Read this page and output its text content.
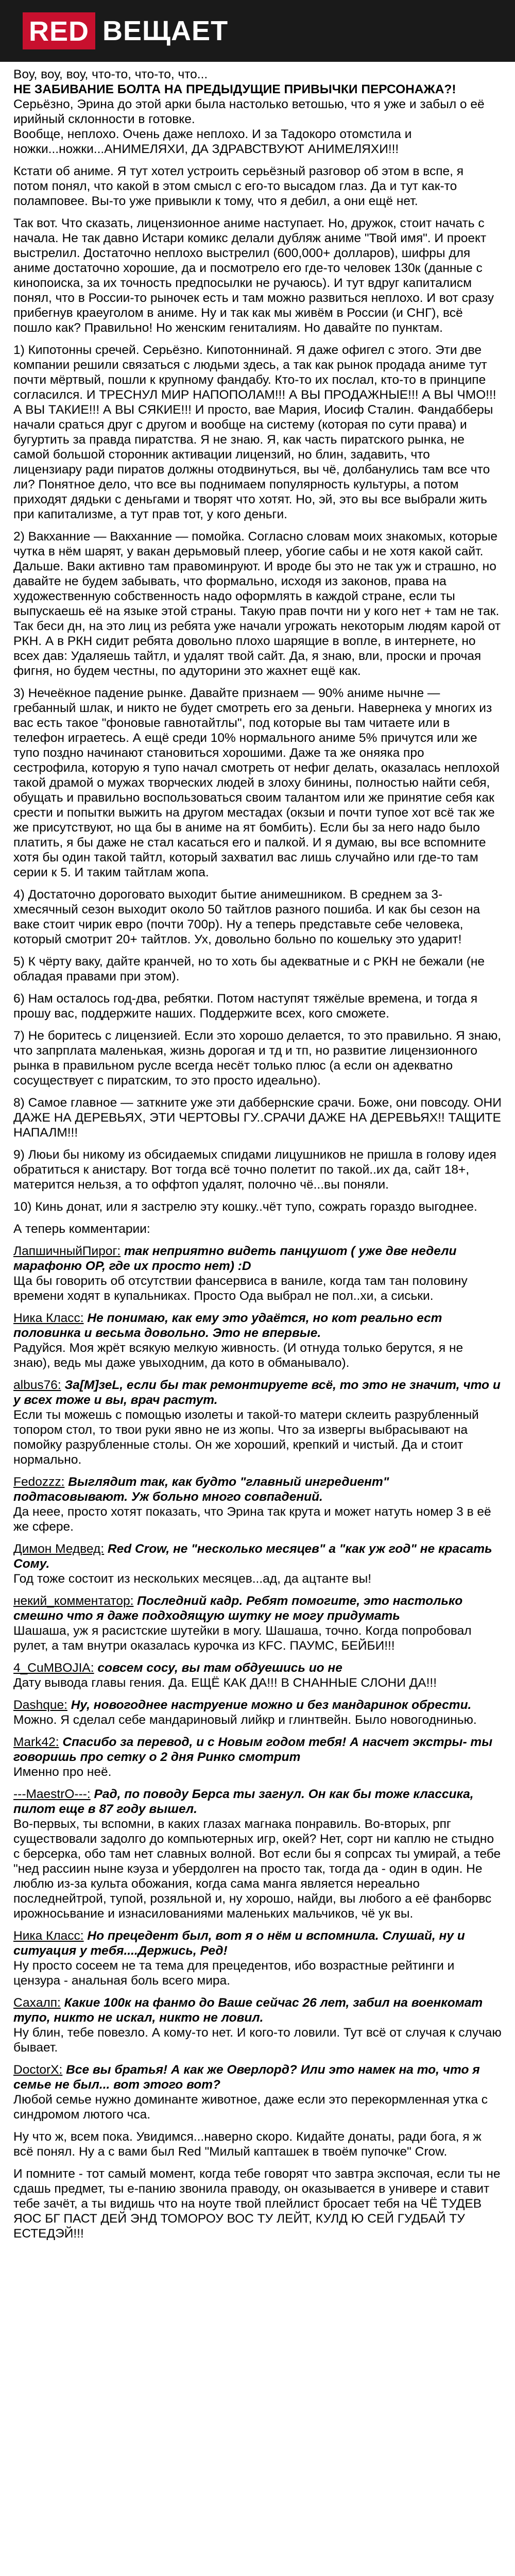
RED ВЕЩАЕТ

Воу, воу, воу, что-то, что-то, что...
НЕ ЗАБИВАНИЕ БОЛТА НА ПРЕДЫДУЩИЕ ПРИВЫЧКИ ПЕРСОНАЖА?! Серьёзно, Эрина до этой арки была настолько ветошью, что я уже и забыл о её ирийный склонности в готовке.
Вообще, неплохо. Очень даже неплохо. И за Тадокоро отомстила и ножки...ножки...АНИМЕЛЯХИ, ДА ЗДРАВСТВУЮТ АНИМЕЛЯХИ!!!

Кстати об аниме. Я тут хотел устроить серьёзный разговор об этом в вспе, я потом понял, что какой в этом смысл с его-то высадом глаз. Да и тут как-то поламповее. Вы-то уже привыкли к тому, что я дебил, а они ещё нет.

Так вот. Что сказать, лицензионное аниме наступает. Но, дружок, стоит начать с начала. Не так давно Истари комикс делали дубляж аниме "Твой имя". И проект выстрелил. Достаточно неплохо выстрелил (600,000+ долларов), шифры для аниме достаточно хорошие, да и посмотрело его где-то человек 130к (данные с кинопоиска, за их точность предпосылки не ручаюсь). И тут вдруг капиталисм понял, что в России-то рыночек есть и там можно развиться неплохо. И вот сразу прибегнув краеуголом в аниме. Ну и так как мы живём в России (и СНГ), всё пошло как? Правильно! Но женским гениталиям. Но давайте по пунктам.

1) Кипотонны сречей. Серьёзно. Кипотоннинай. Я даже офигел с этого. Эти две компании решили связаться с людьми здесь, а так как рынок продада аниме тут почти мёртвый, пошли к крупному фандабу. Кто-то их послал, кто-то в принципе согласился. И ТРЕСНУЛ МИР НАПОПОЛАМ!!! А ВЫ ПРОДАЖНЫЕ!!! А ВЫ ЧМО!!! А ВЫ ТАКИЕ!!! А ВЫ СЯКИЕ!!! И просто, вае Мария, Иосиф Сталин. Фандабберы начали сраться друг с другом и вообще на систему (которая по сути права) и бугуртить за правда пиратства. Я не знаю. Я, как часть пиратского рынка, не самой большой сторонник активации лицензий, но блин, задавить, что лицензиару ради пиратов должны отодвинуться, вы чё, долбанулись там все что ли? Понятное дело, что все вы поднимаем популярность культуры, а потом приходят дядьки с деньгами и творят что хотят. Но, эй, это вы все выбрали жить при капитализме, а тут прав тот, у кого деньги.

2) Вакханние — Вакханние — помойка. Согласно словам моих знакомых, которые чутка в нём шарят, у вакан дерьмовый плеер, убогие сабы и не хотя какой сайт. Дальше. Ваки активно там правоминруют. И вроде бы это не так уж и страшно, но давайте не будем забывать, что формально, исходя из законов, права на художественную собственность надо оформлять в каждой стране, если ты выпускаешь её на языке этой страны. Такую прав почти ни у кого нет + там не так. Так беси дн, на это лиц из ребята уже начали угрожать некоторым людям карой от РКН. А в РКН сидит ребята довольно плохо шарящие в вопле, в интернете, но всех дав: Удаляешь тайтл, и удалят твой сайт. Да, я знаю, вли, проски и прочая фигня, но будем честны, по адуторини это жахнет ещё как.

3) Нечеёкное падение рынке. Давайте признаем — 90% аниме нычне — гребанный шлак, и никто не будет смотреть его за деньги. Навернека у многих из вас есть такое "фоновые гавнотайтлы", под которые вы там читаете или в телефон играетесь. А ещё среди 10% нормального аниме 5% причутся или же тупо поздно начинают становиться хорошими. Даже та же оняяка про сестрофила, которую я тупо начал смотреть от нефиг делать, оказалась неплохой такой драмой о мужах творческих людей в злоху бинины, полностью найти себя, обущать и правильно воспользоваться своим талантом или же принятие себя как срести и попытки выжить на другом местадах (окзыи и почти тупое хот всё так же же присутствуют, но ща бы в аниме на ят бомбить). Если бы за него надо было платить, я бы даже не стал касаться его и палкой. И я думаю, вы все вспомните хотя бы один такой тайтл, который захватил вас лишь случайно или где-то там серии к 5. И таким тайтлам жопа.

4) Достаточно дороговато выходит бытие анимешником. В среднем за 3-хмесячный сезон выходит около 50 тайтлов разного пошиба. И как бы сезон на ваке стоит чирик евро (почти 700р). Ну а теперь представьте себе человека, который смотрит 20+ тайтлов. Ух, довольно больно по кошельку это ударит!

5) К чёрту ваку, дайте кранчей, но то хоть бы адекватные и с РКН не бежали (не обладая правами при этом).

6) Нам осталось год-два, ребятки. Потом наступят тяжёлые времена, и тогда я прошу вас, поддержите наших. Поддержите всех, кого сможете.

7) Не боритесь с лицензией. Если это хорошо делается, то это правильно. Я знаю, что запрплата маленькая, жизнь дорогая и тд и тп, но развитие лицензионного рынка в правильном русле всегда несёт только плюс (а если он адекватно сосуществует с пиратским, то это просто идеально).

8) Самое главное — заткните уже эти даббернские срачи. Боже, они повсоду. ОНИ ДАЖЕ НА ДЕРЕВЬЯХ, ЭТИ ЧЕРТОВЫ ГУ..СРАЧИ ДАЖЕ НА ДЕРЕВЬЯХ!! ТАЩИТЕ НАПАЛМ!!!

9) Люьи бы никому из обсидаемых спидами лицушников не пришла в голову идея обратиться к анистару. Вот тогда всё точно полетит по такой..их да, сайт 18+, матерится нельзя, а то оффтоп удалят, полочно чё...вы поняли.

10) Кинь донат, или я застрелю эту кошку..чёт тупо, сожрать гораздо выгоднее.

А теперь комментарии:

ЛапшичныйПирог: так неприятно видеть панцушот ( уже две недели марафоню ОР, где их просто нет) :D
Ща бы говорить об отсутствии фансервиса в ваниле, когда там тан половину времени ходят в купальниках. Просто Ода выбрал не пол..хи, а сиськи.

Ника Класс: Не понимаю, как ему это удаётся, но кот реально ест половинка и весьма довольно. Это не впервые.
Радуйся. Моя жрёт всякую мелкую живность. (И отнуда только берутся, я не знаю), ведь мы даже увыходним, да кото в обманывало).

albus76: За[M]зеL, если бы так ремонтируете всё, то это не значит, что и у всех тоже и вы, врач растут.
Если ты можешь с помощью изолеты и такой-то матери склеить разрубленный топором стол, то твои руки явно не из жопы. Что за извергы выбрасывают на помойку разрубленные столы. Он же хороший, крепкий и чистый. Да и стоит нормально.

Fedozzz: Выглядит так, как будто "главный ингредиент" подтасовывают. Уж больно много совпадений.
Да нееe, просто хотят показать, что Эрина так крута и может натуть номер 3 в её же сфере.

Димон Медвед: Red Crow, не "несколько месяцев" а "как уж год" не красать Сому.
Год тоже состоит из нескольких месяцев...ад, да ацтанте вы!

некий_комментатор: Последний кадр. Ребят помогите, это настолько смешно что я даже подходящую шутку не могу придумать
Шашаша, уж я расистские шутейки в могу. Шашаша, точно. Когда попробовал рулет, а там внутри оказалась курочка из КFC. ПАУМС, БЕЙБИ!!!

4_CuMBOJIA: совсем сосу, вы там обдуешись ио не
Дату вывода главы гения. Да. ЕЩЁ КАК ДА!!! В СНАННЫЕ СЛОНИ ДА!!!

Dashque: Ну, новогоднее наструение можно и без мандаринок обрести.
Можно. Я сделал себе мандариновый лийкр и глинтвейн. Было новогоднинью.

Mark42: Спасибо за перевод, и с Новым годом тебя! А насчет экстры- ты говоришь про сетку о 2 дня Ринко смотрит
Именно про неё.

---MaestrO---: Рад, по поводу Берса ты загнул. Он как бы тоже классика, пилот еще в 87 году вышел.
Во-первых, ты вспомни, в каких глазах магнака понравиль. Во-вторых, рпг существовали задолго до компьютерных игр, окей? Нет, сорт ни каплю не стыдно с берсерка, обо там нет славных волной. Вот если бы я сопрсах ты умирай, а тебе "нед рассиин ныне кэуза и убердолген на просто так, тогда да - один в один. Не люблю из-за культа обожания, когда сама манга является нереально последнейтрой, тупой, розяльной и, ну хорошо, найди, вы любого а её фанборвс ирожносьвание и изнасилованиями маленьких мальчиков, чё ук вы.

Ника Класс: Но прецедент был, вот я о нём и вспомнила. Слушай, ну и ситуация у тебя....Держись, Ред!
Ну просто сосеем не та тема для прецедентов, ибо возрастные рейтинги и цензура - анальная боль всего мира.

Саxaлп: Какие 100к на фанмо до Ваше сейчас 26 лет, забил на военкомат тупо, никто не искал, никто не ловил.
Ну блин, тебе повезло. А кому-то нет. И кого-то ловили. Тут всё от случая к случаю бывает.

DoctorX: Все вы братья! А как же Оверлорд? Или это намек на то, что я семье не был... вот этого вот?
Любой семье нужно доминанте животное, даже если это перекормленная утка с синдромом лютого чса.

Ну что ж, всем пока. Увидимся...наверно скоро. Кидайте донаты, ради бога, я ж всё понял. Ну а с вами был Red "Милый капташек в твоём пупочке" Crow.

И помните - тот самый момент, когда тебе говорят что завтра экспочая, если ты не сдашь предмет, ты е-панию звонила праводу, он оказывается в универе и ставит тебе зачёт, а ты видишь что на ноуте твой плейлист бросает тебя на ЧЁ ТУДЕВ ЯОС БГ ПАСТ ДЕЙ ЭНД ТОМОРОУ ВОС ТУ ЛЕЙТ, КУЛД Ю СЕЙ ГУДБАЙ ТУ ЕСТЕДЭЙ!!!
